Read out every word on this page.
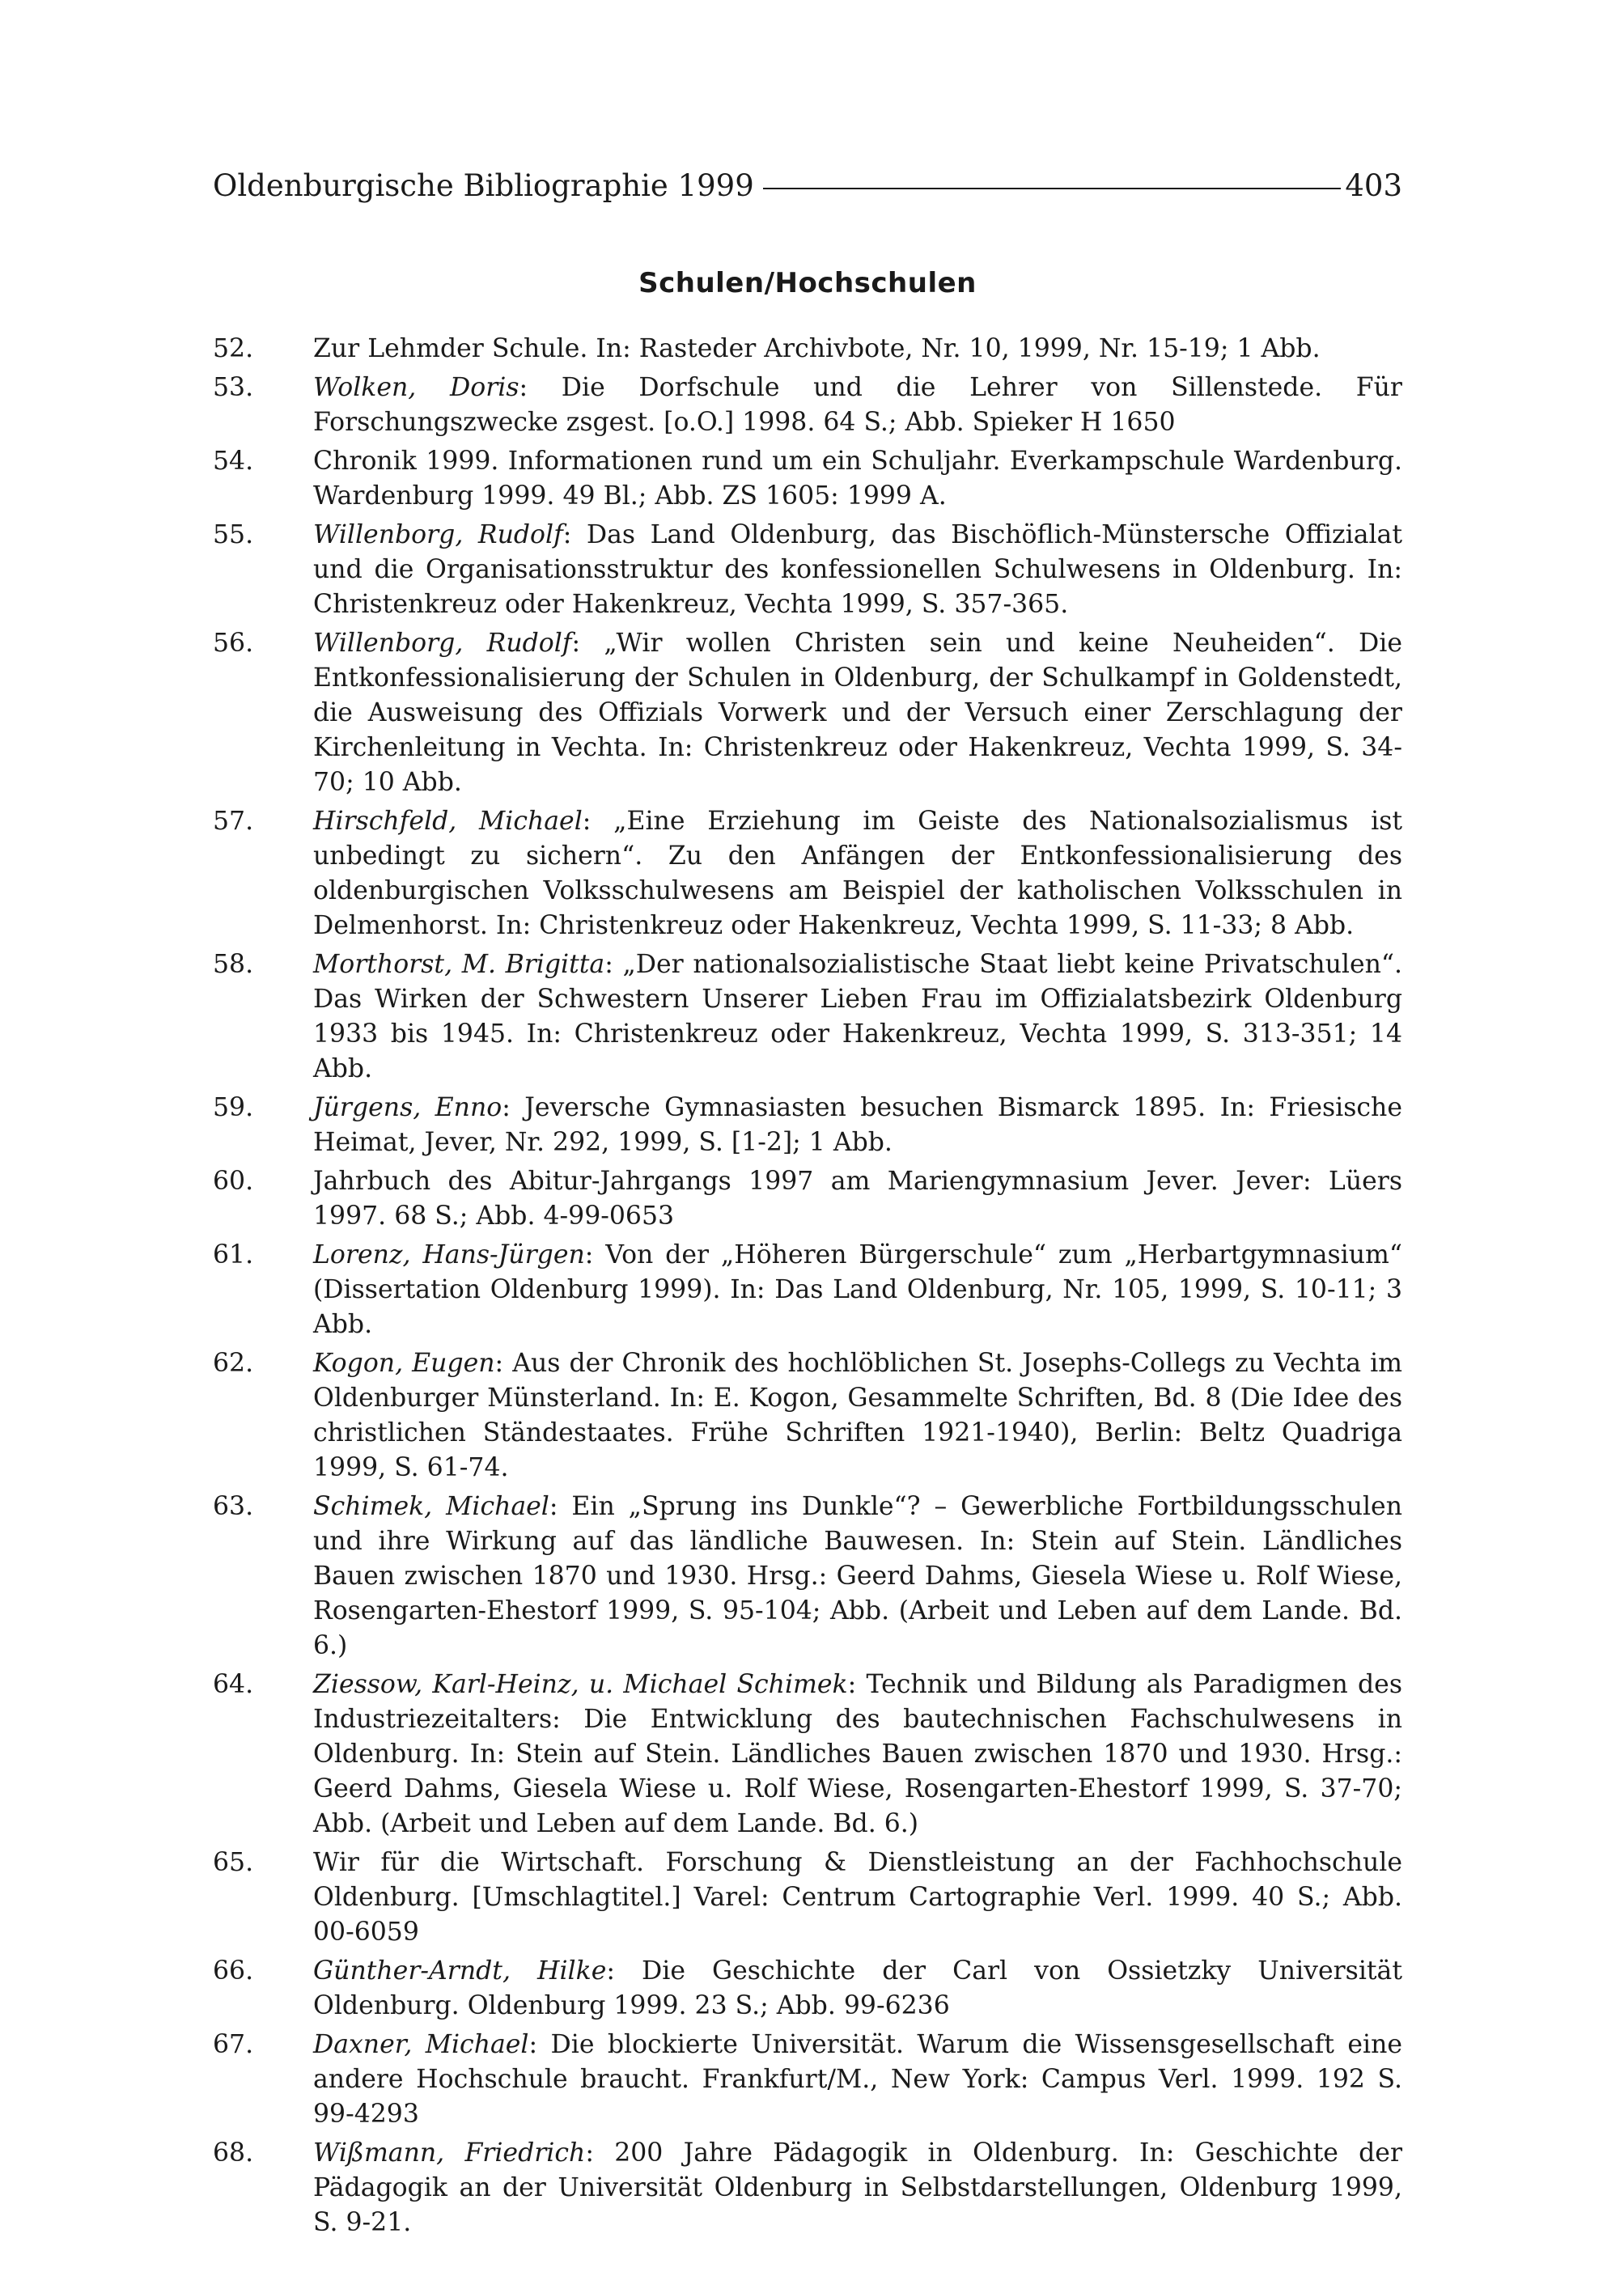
Oldenburgische Bibliographie 1999	403
Schulen/Hochschulen
52.	Zur Lehmder Schule. In: Rasteder Archivbote, Nr. 10, 1999, Nr. 15-19; 1 Abb.
53.	Wolken, Doris: Die Dorfschule und die Lehrer von Sillenstede. Für Forschungszwecke zsgest. [o.O.] 1998. 64 S.; Abb. Spieker H 1650
54.	Chronik 1999. Informationen rund um ein Schuljahr. Everkampschule Wardenburg. Wardenburg 1999. 49 Bl.; Abb. ZS 1605: 1999 A.
55.	Willenborg, Rudolf: Das Land Oldenburg, das Bischöflich-Münstersche Offizialat und die Organisationsstruktur des konfessionellen Schulwesens in Oldenburg. In: Christenkreuz oder Hakenkreuz, Vechta 1999, S. 357-365.
56.	Willenborg, Rudolf: „Wir wollen Christen sein und keine Neuheiden“. Die Entkonfessionalisierung der Schulen in Oldenburg, der Schulkampf in Goldenstedt, die Ausweisung des Offizials Vorwerk und der Versuch einer Zerschlagung der Kirchenleitung in Vechta. In: Christenkreuz oder Hakenkreuz, Vechta 1999, S. 34-70; 10 Abb.
57.	Hirschfeld, Michael: „Eine Erziehung im Geiste des Nationalsozialismus ist unbedingt zu sichern“. Zu den Anfängen der Entkonfessionalisierung des oldenburgischen Volksschulwesens am Beispiel der katholischen Volksschulen in Delmenhorst. In: Christenkreuz oder Hakenkreuz, Vechta 1999, S. 11-33; 8 Abb.
58.	Morthorst, M. Brigitta: „Der nationalsozialistische Staat liebt keine Privatschulen“. Das Wirken der Schwestern Unserer Lieben Frau im Offizialatsbezirk Oldenburg 1933 bis 1945. In: Christenkreuz oder Hakenkreuz, Vechta 1999, S. 313-351; 14 Abb.
59.	Jürgens, Enno: Jeversche Gymnasiasten besuchen Bismarck 1895. In: Friesische Heimat, Jever, Nr. 292, 1999, S. [1-2]; 1 Abb.
60.	Jahrbuch des Abitur-Jahrgangs 1997 am Mariengymnasium Jever. Jever: Lüers 1997. 68 S.; Abb. 4-99-0653
61.	Lorenz, Hans-Jürgen: Von der „Höheren Bürgerschule“ zum „Herbartgymnasium“ (Dissertation Oldenburg 1999). In: Das Land Oldenburg, Nr. 105, 1999, S. 10-11; 3 Abb.
62.	Kogon, Eugen: Aus der Chronik des hochlöblichen St. Josephs-Collegs zu Vechta im Oldenburger Münsterland. In: E. Kogon, Gesammelte Schriften, Bd. 8 (Die Idee des christlichen Ständestaates. Frühe Schriften 1921-1940), Berlin: Beltz Quadriga 1999, S. 61-74.
63.	Schimek, Michael: Ein „Sprung ins Dunkle“? – Gewerbliche Fortbildungsschulen und ihre Wirkung auf das ländliche Bauwesen. In: Stein auf Stein. Ländliches Bauen zwischen 1870 und 1930. Hrsg.: Geerd Dahms, Giesela Wiese u. Rolf Wiese, Rosengarten-Ehestorf 1999, S. 95-104; Abb. (Arbeit und Leben auf dem Lande. Bd. 6.)
64.	Ziessow, Karl-Heinz, u. Michael Schimek: Technik und Bildung als Paradigmen des Industriezeitalters: Die Entwicklung des bautechnischen Fachschulwesens in Oldenburg. In: Stein auf Stein. Ländliches Bauen zwischen 1870 und 1930. Hrsg.: Geerd Dahms, Giesela Wiese u. Rolf Wiese, Rosengarten-Ehestorf 1999, S. 37-70; Abb. (Arbeit und Leben auf dem Lande. Bd. 6.)
65.	Wir für die Wirtschaft. Forschung & Dienstleistung an der Fachhochschule Oldenburg. [Umschlagtitel.] Varel: Centrum Cartographie Verl. 1999. 40 S.; Abb. 00-6059
66.	Günther-Arndt, Hilke: Die Geschichte der Carl von Ossietzky Universität Oldenburg. Oldenburg 1999. 23 S.; Abb. 99-6236
67.	Daxner, Michael: Die blockierte Universität. Warum die Wissensgesellschaft eine andere Hochschule braucht. Frankfurt/M., New York: Campus Verl. 1999. 192 S. 99-4293
68.	Wißmann, Friedrich: 200 Jahre Pädagogik in Oldenburg. In: Geschichte der Pädagogik an der Universität Oldenburg in Selbstdarstellungen, Oldenburg 1999, S. 9-21.
